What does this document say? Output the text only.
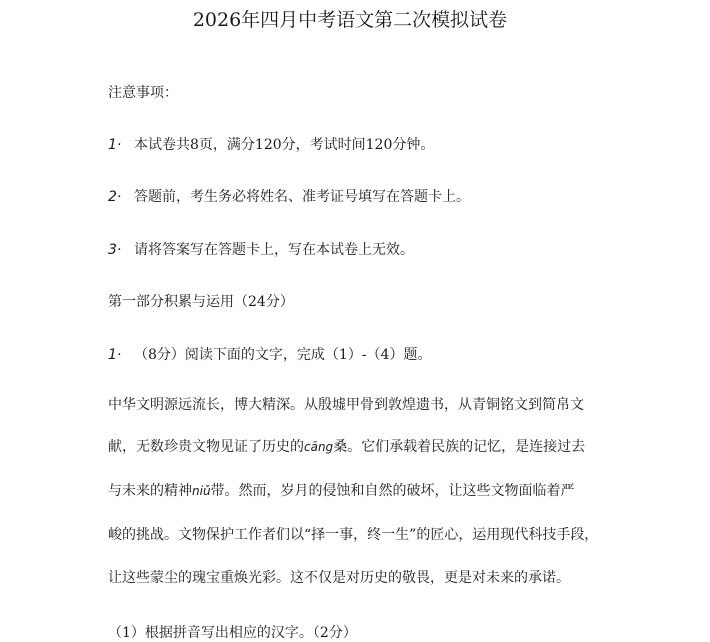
2026年四月中考语文第二次模拟试卷
注意事项：
1· 本试卷共8页，满分120分，考试时间120分钟。
2· 答题前，考生务必将姓名、准考证号填写在答题卡上。
3· 请将答案写在答题卡上，写在本试卷上无效。
第一部分积累与运用（24分）
1· （8分）阅读下面的文字，完成（1）-（4）题。
中华文明源远流长，博大精深。从殷墟甲骨到敦煌遗书，从青铜铭文到简帛文
献，无数珍贵文物见证了历史的cāng桑。它们承载着民族的记忆，是连接过去
与未来的精神niǔ带。然而，岁月的侵蚀和自然的破坏，让这些文物面临着严
峻的挑战。文物保护工作者们以“择一事，终一生”的匠心，运用现代科技手段，
让这些蒙尘的瑰宝重焕光彩。这不仅是对历史的敬畏，更是对未来的承诺。
（1）根据拼音写出相应的汉字。（2分）
